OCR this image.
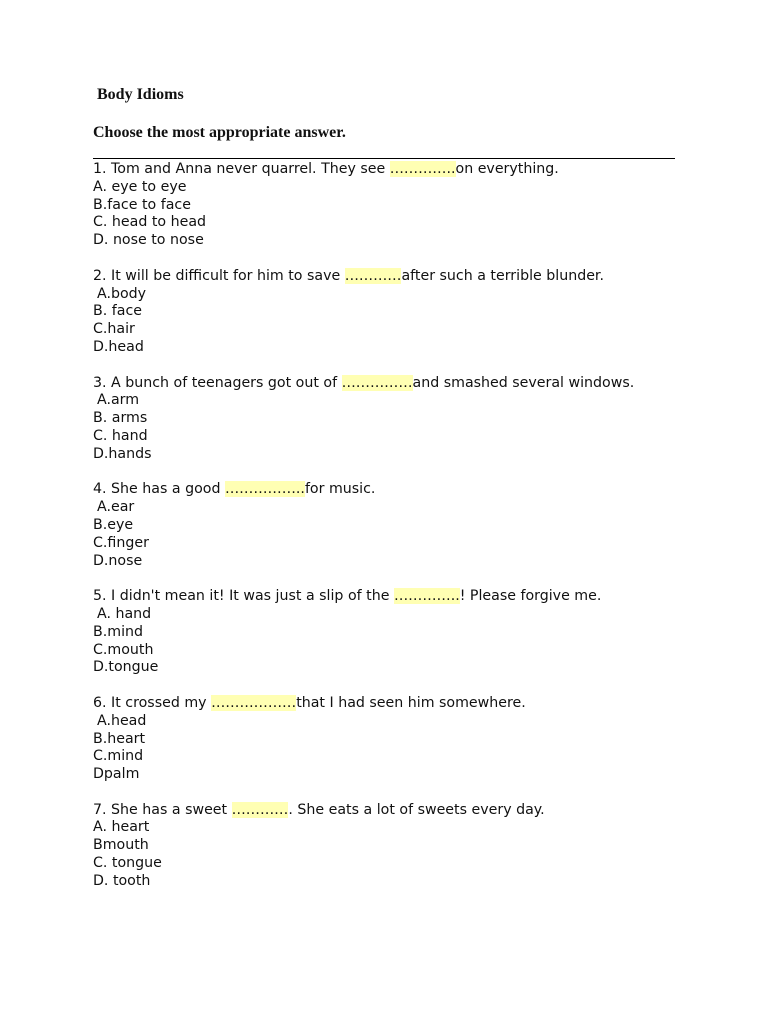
Body Idioms
Choose the most appropriate answer.

1. Tom and Anna never quarrel. They see …………..on everything.

A. eye to eye

B.face to face

C. head to head

D. nose to nose

2. It will be difficult for him to save …………after such a terrible blunder.

A.body

B. face

C.hair

D.head

3. A bunch of teenagers got out of ……………and smashed several windows.

A.arm

B. arms

C. hand

D.hands

4. She has a good ……………..for music.

A.ear

B.eye

C.finger

D.nose

5. I didn't mean it! It was just a slip of the …………..! Please forgive me.

A. hand

B.mind

C.mouth

D.tongue

6. It crossed my ………………that I had seen him somewhere.

A.head

B.heart

C.mind

Dpalm

7. She has a sweet …………. She eats a lot of sweets every day.

A. heart

Bmouth

C. tongue

D. tooth
